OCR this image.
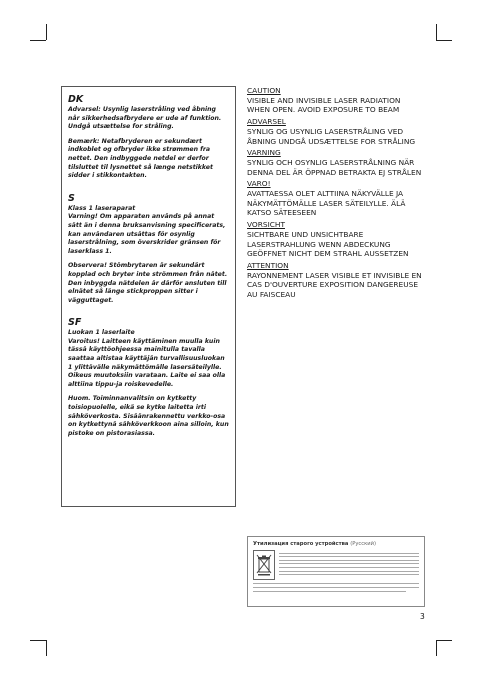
DK

Advarsel: Usynlig laserstråling ved åbning når sikkerhedsafbrydere er ude af funktion. Undgå utsættelse for stråling.

Bemærk: Netafbryderen er sekundært indkoblet og ofbryder ikke strømmen fra nettet. Den indbyggede netdel er derfor tilsluttet til lysnettet så længe netstikket sidder i stikkontakten.

S

Klass 1 laseraparat

Varning! Om apparaten används på annat sätt än i denna bruksanvisning specificerats, kan användaren utsättas för osynlig laserstrålning, som överskrider gränsen för laserklass 1.

Observera! Stömbrytaren är sekundärt kopplad och bryter inte strömmen från nätet. Den inbyggda nätdelen är därför ansluten till elnätet så länge stickproppen sitter i vägguttaget.

SF

Luokan 1 laserlaite

Varoitus! Laitteen käyttäminen muulla kuin tässä käyttöohjeessa mainitulla tavalla saattaa altistaa käyttäjän turvallisuusluokan 1 ylittävälle näkymättömälle lasersäteilylle.

Oikeus muutoksiin varataan. Laite ei saa olla alttiina tippu-ja roiskevedelle.

Huom. Toiminnanvalitsin on kytketty toisiopuolelle, eikä se kytke laitetta irti sähköverkosta. Sisäänrakennettu verkko-osa on kytkettynä sähköverkkoon aina silloin, kun pistoke on pistorasiassa.

CAUTION
VISIBLE AND INVISIBLE LASER RADIATION WHEN OPEN. AVOID EXPOSURE TO BEAM
ADVARSEL
SYNLIG OG USYNLIG LASERSTRÅLING VED ÅBNING UNDGÅ UDSÆTTELSE FOR STRÅLING
VARNING
SYNLIG OCH OSYNLIG LASERSTRÅLNING NÄR DENNA DEL ÄR ÖPPNAD BETRAKTA EJ STRÅLEN
VARO!
AVATTAESSA OLET ALTTIINA NÄKYVÄLLE JA NÄKYMÄTTÖMÄLLE LASER SÄTEILYLLE. ÄLÄ KATSO SÄTEESEEN
VORSICHT
SICHTBARE UND UNSICHTBARE LASERSTRAHLUNG WENN ABDECKUNG GEÖFFNET NICHT DEM STRAHL AUSSETZEN
ATTENTION
RAYONNEMENT LASER VISIBLE ET INVISIBLE EN CAS D'OUVERTURE EXPOSITION DANGEREUSE AU FAISCEAU
Утилизация старого устройства (Русский)
3
